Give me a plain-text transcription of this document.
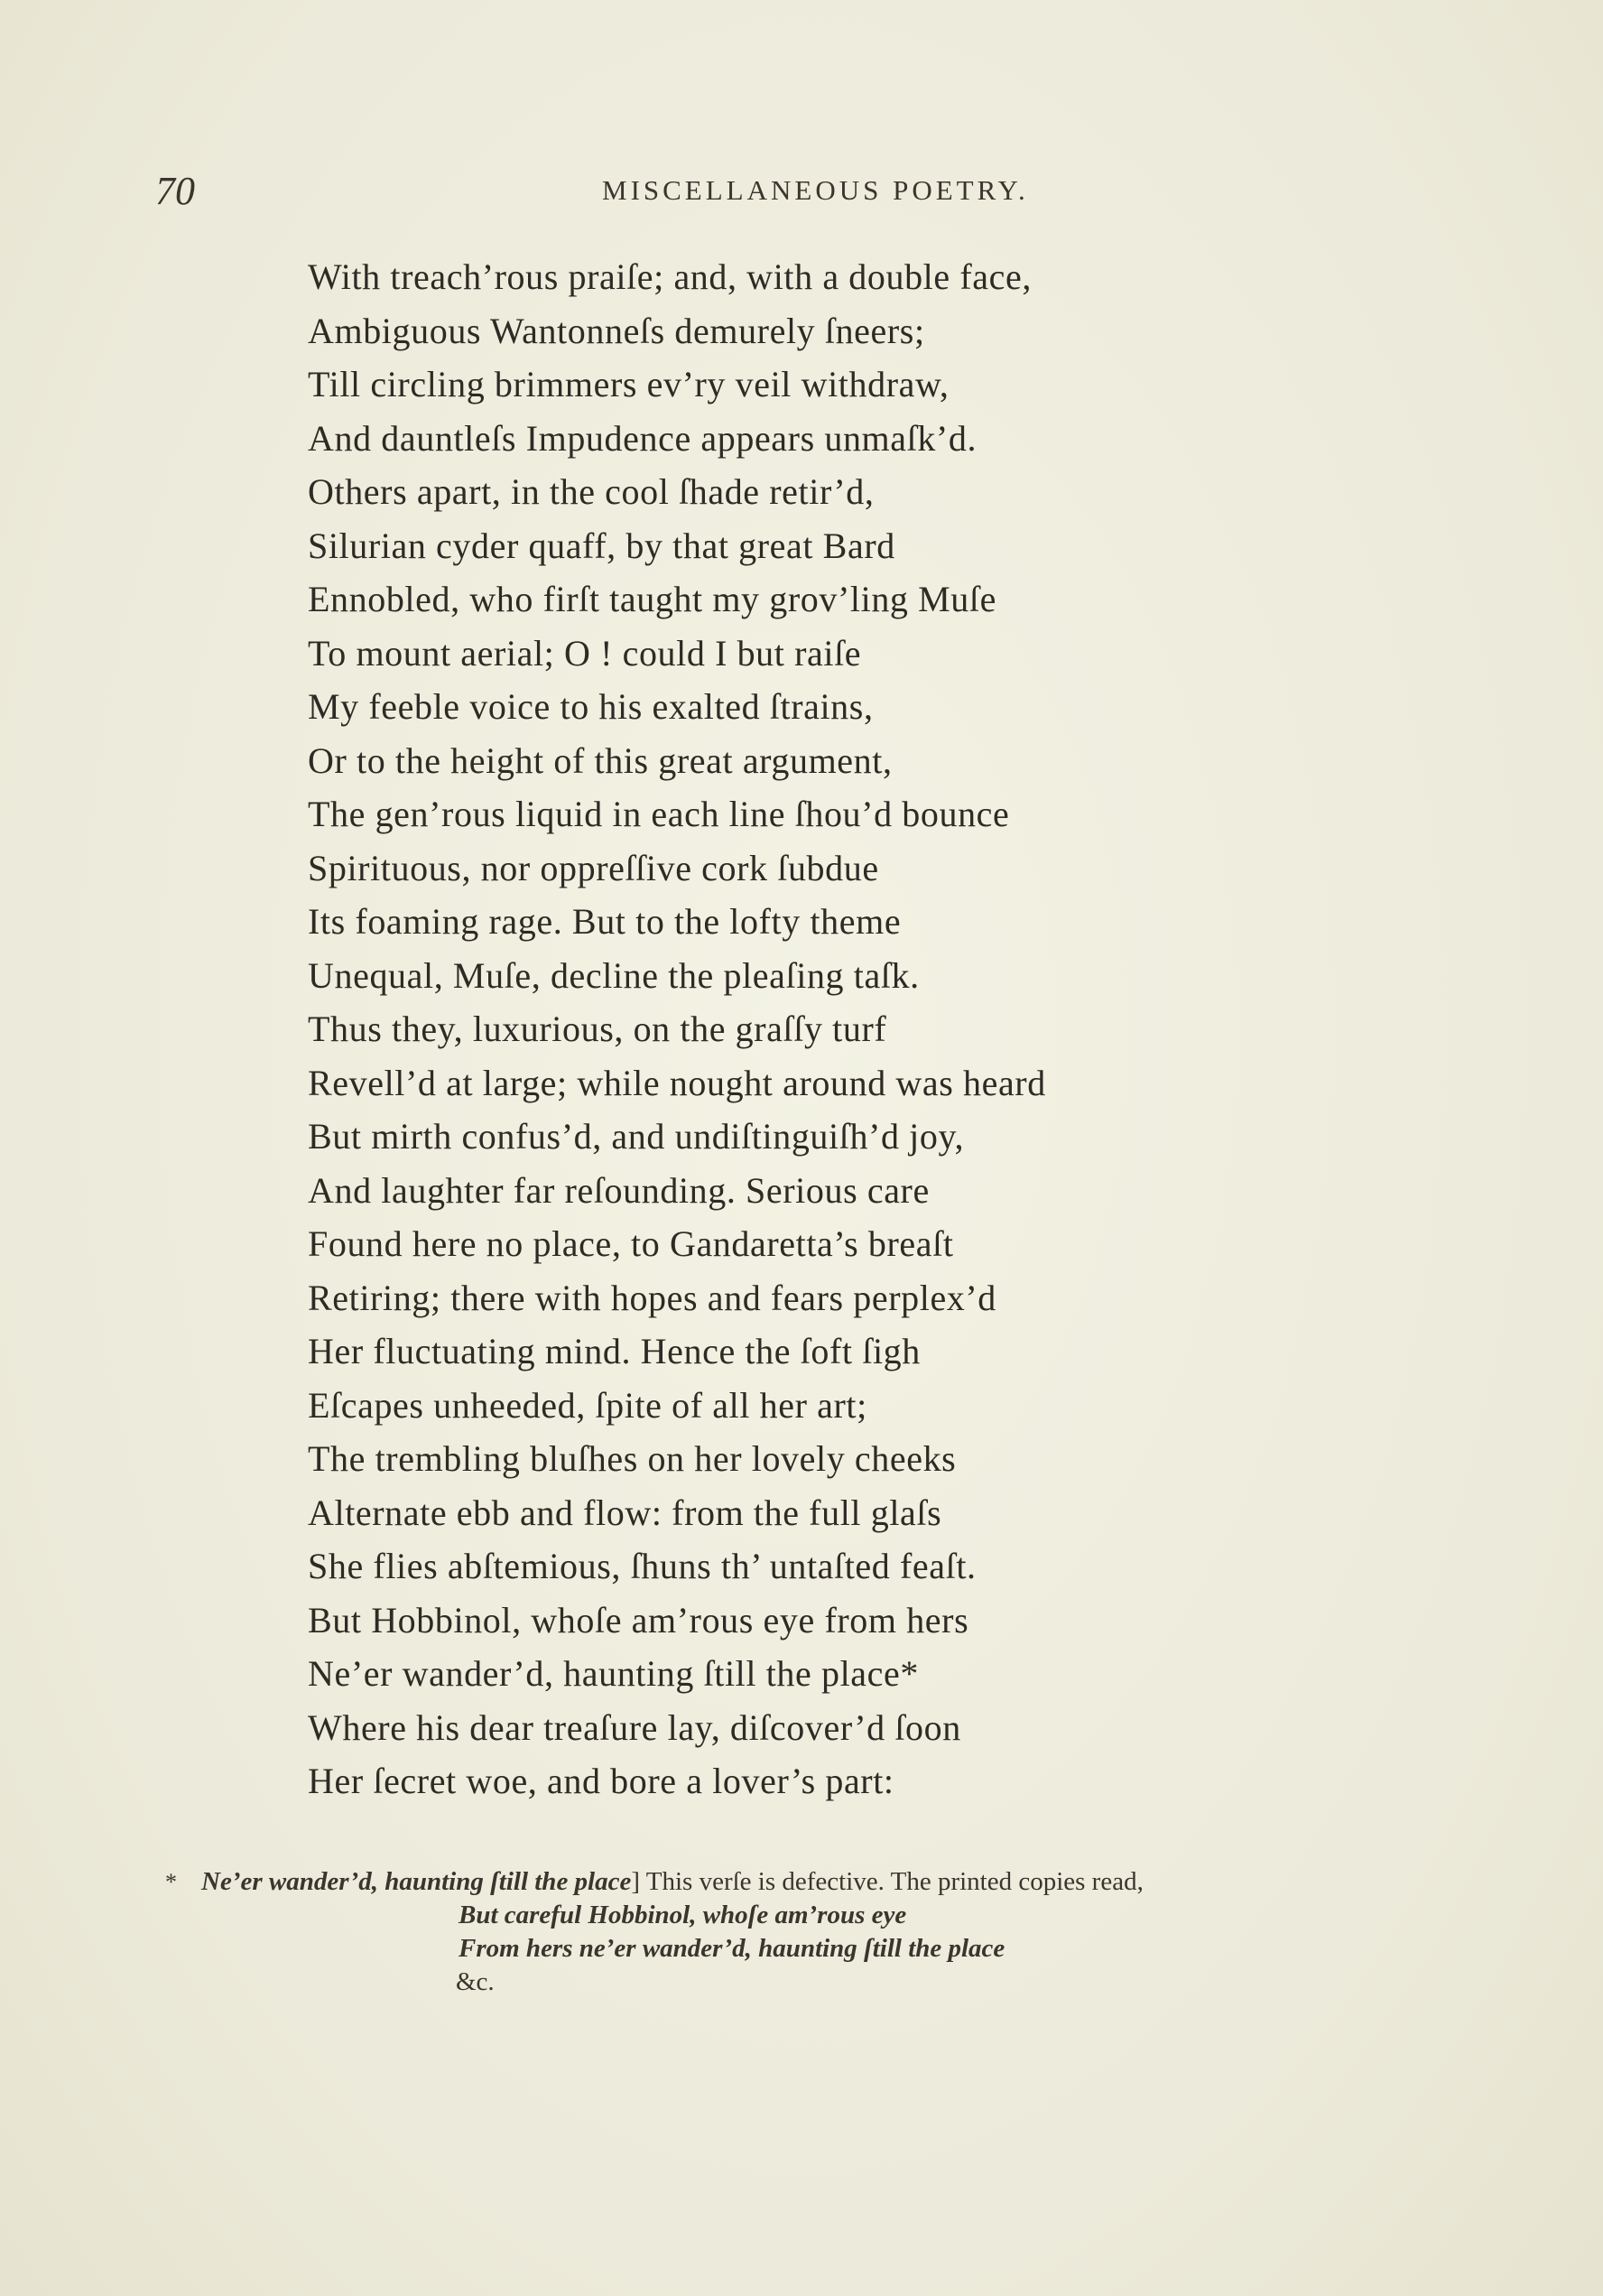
70	MISCELLANEOUS POETRY.
With treach’rous praiſe; and, with a double face,
Ambiguous Wantonneſs demurely ſneers;
Till circling brimmers ev’ry veil withdraw,
And dauntleſs Impudence appears unmaſk’d.
Others apart, in the cool ſhade retir’d,
Silurian cyder quaff, by that great Bard
Ennobled, who firſt taught my grov’ling Muſe
To mount aerial; O ! could I but raiſe
My feeble voice to his exalted ſtrains,
Or to the height of this great argument,
The gen’rous liquid in each line ſhou’d bounce
Spirituous, nor oppreſſive cork ſubdue
Its foaming rage. But to the lofty theme
Unequal, Muſe, decline the pleaſing taſk.
Thus they, luxurious, on the graſſy turf
Revell’d at large; while nought around was heard
But mirth confus’d, and undiſtinguiſh’d joy,
And laughter far reſounding. Serious care
Found here no place, to Gandaretta’s breaſt
Retiring; there with hopes and fears perplex’d
Her fluctuating mind. Hence the ſoft ſigh
Eſcapes unheeded, ſpite of all her art;
The trembling bluſhes on her lovely cheeks
Alternate ebb and flow: from the full glaſs
She flies abſtemious, ſhuns th’ untaſted feaſt.
But Hobbinol, whoſe am’rous eye from hers
Ne’er wander’d, haunting ſtill the place*
Where his dear treaſure lay, diſcover’d ſoon
Her ſecret woe, and bore a lover’s part:
* Ne’er wander’d, haunting ſtill the place] This verſe is defective. The printed copies read,
But careful Hobbinol, whoſe am’rous eye
From hers ne’er wander’d, haunting ſtill the place
&c.
